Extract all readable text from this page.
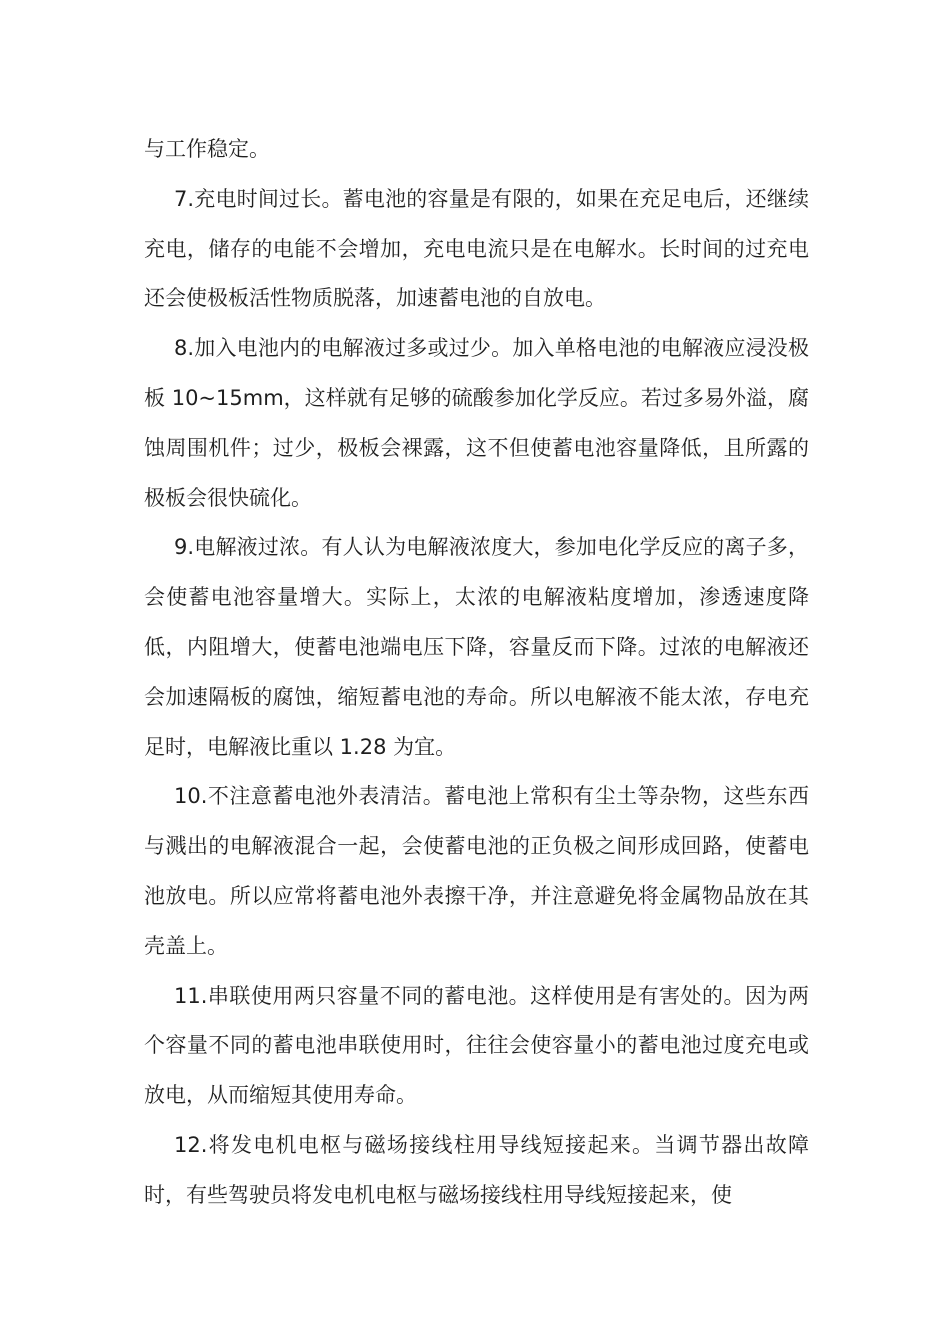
与工作稳定。

7.充电时间过长。蓄电池的容量是有限的，如果在充足电后，还继续充电，储存的电能不会增加，充电电流只是在电解水。长时间的过充电还会使极板活性物质脱落，加速蓄电池的自放电。

8.加入电池内的电解液过多或过少。加入单格电池的电解液应浸没极板 10~15mm，这样就有足够的硫酸参加化学反应。若过多易外溢，腐蚀周围机件；过少，极板会裸露，这不但使蓄电池容量降低，且所露的极板会很快硫化。

9.电解液过浓。有人认为电解液浓度大，参加电化学反应的离子多，会使蓄电池容量增大。实际上，太浓的电解液粘度增加，渗透速度降低，内阻增大，使蓄电池端电压下降，容量反而下降。过浓的电解液还会加速隔板的腐蚀，缩短蓄电池的寿命。所以电解液不能太浓，存电充足时，电解液比重以 1.28 为宜。

10.不注意蓄电池外表清洁。蓄电池上常积有尘土等杂物，这些东西与溅出的电解液混合一起，会使蓄电池的正负极之间形成回路，使蓄电池放电。所以应常将蓄电池外表擦干净，并注意避免将金属物品放在其壳盖上。

11.串联使用两只容量不同的蓄电池。这样使用是有害处的。因为两个容量不同的蓄电池串联使用时，往往会使容量小的蓄电池过度充电或放电，从而缩短其使用寿命。

12.将发电机电枢与磁场接线柱用导线短接起来。当调节器出故障时，有些驾驶员将发电机电枢与磁场接线柱用导线短接起来，使
